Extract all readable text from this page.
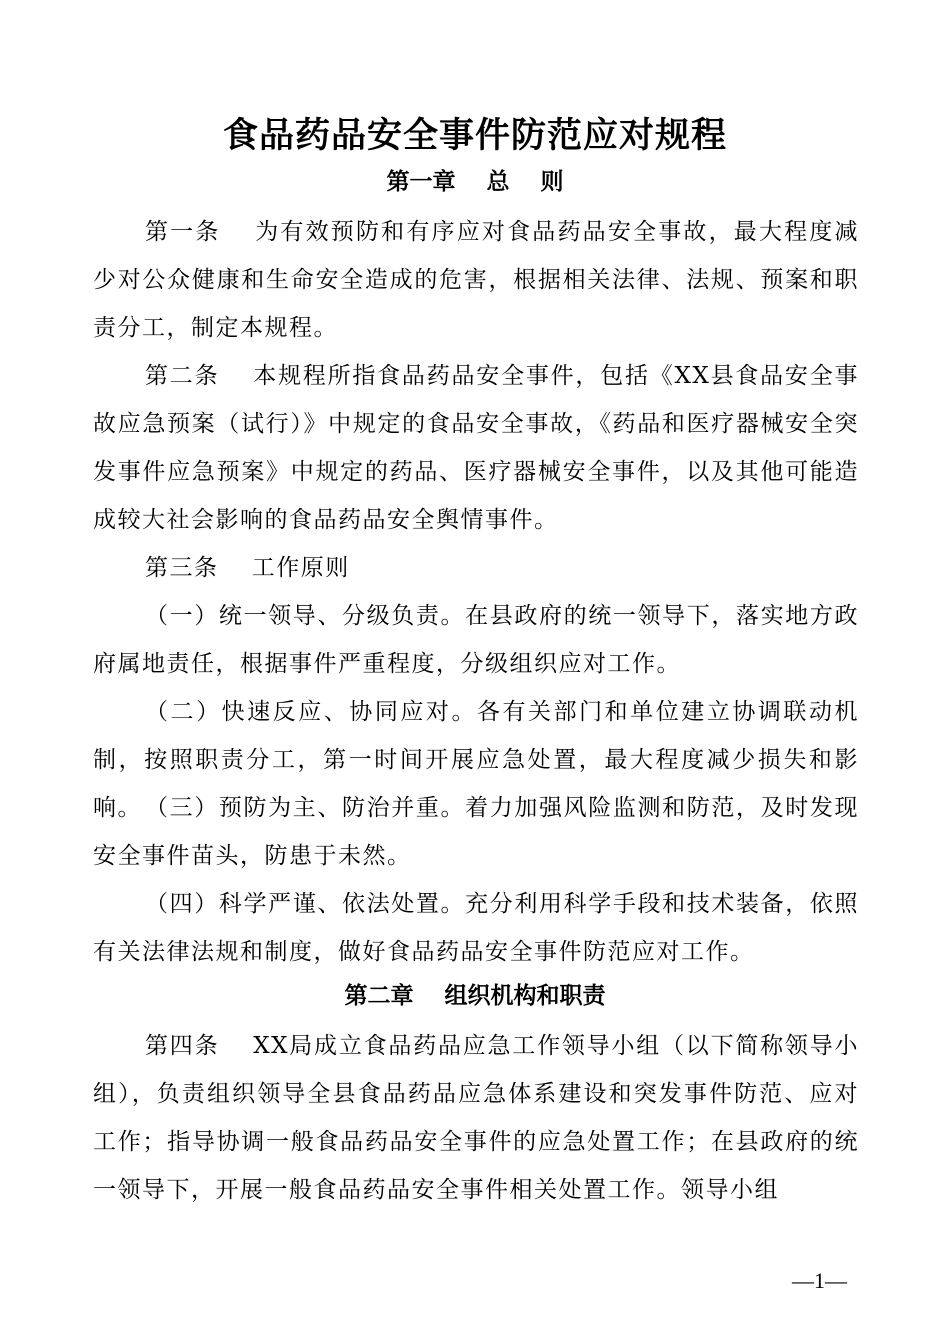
食品药品安全事件防范应对规程
第一章　 总　 则

第一条　 为有效预防和有序应对食品药品安全事故，最大程度减少对公众健康和生命安全造成的危害，根据相关法律、法规、预案和职责分工，制定本规程。

第二条　 本规程所指食品药品安全事件，包括《XX县食品安全事故应急预案（试行）》中规定的食品安全事故，《药品和医疗器械安全突发事件应急预案》中规定的药品、医疗器械安全事件，以及其他可能造成较大社会影响的食品药品安全舆情事件。

第三条　 工作原则

（一）统一领导、分级负责。在县政府的统一领导下，落实地方政府属地责任，根据事件严重程度，分级组织应对工作。

（二）快速反应、协同应对。各有关部门和单位建立协调联动机制，按照职责分工，第一时间开展应急处置，最大程度减少损失和影响。 （三）预防为主、防治并重。着力加强风险监测和防范，及时发现安全事件苗头，防患于未然。

（四）科学严谨、依法处置。充分利用科学手段和技术装备，依照有关法律法规和制度，做好食品药品安全事件防范应对工作。

第二章　 组织机构和职责

第四条　 XX局成立食品药品应急工作领导小组（以下简称领导小组），负责组织领导全县食品药品应急体系建设和突发事件防范、应对工作；指导协调一般食品药品安全事件的应急处置工作；在县政府的统一领导下，开展一般食品药品安全事件相关处置工作。领导小组

—1—
